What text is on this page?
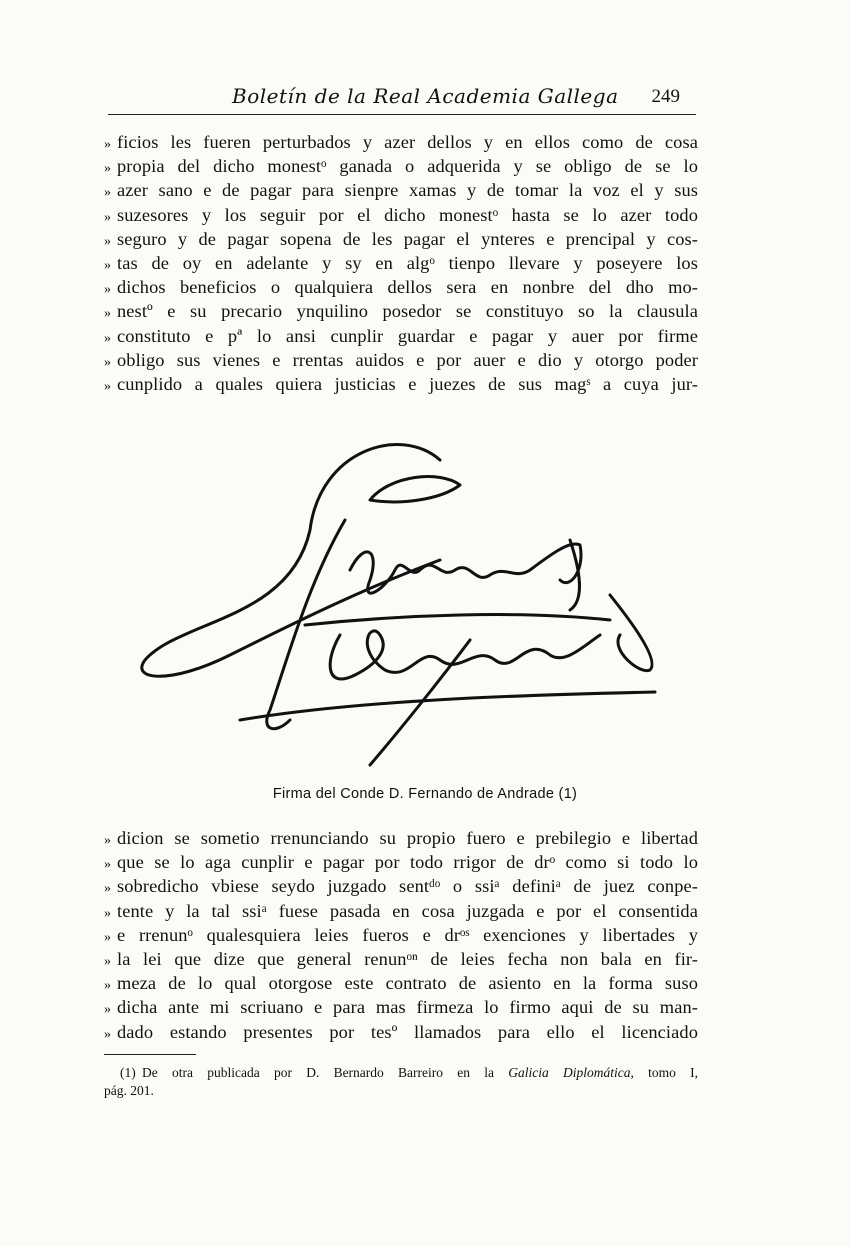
Boletín de la Real Academia Gallega 249
» ficios les fueren perturbados y azer dellos y en ellos como de cosa
» propia del dicho monestᵒ ganada o adquerida y se obligo de se lo
» azer sano e de pagar para sienpre xamas y de tomar la voz el y sus
» suzesores y los seguir por el dicho monestᵒ hasta se lo azer todo
» seguro y de pagar sopena de les pagar el ynteres e prencipal y cos-
» tas de oy en adelante y sy en algᵒ tienpo llevare y poseyere los
» dichos beneficios o qualquiera dellos sera en nonbre del dho mo-
» nestº e su precario ynquilino posedor se constituyo so la clausula
» constituto e pª lo ansi cunplir guardar e pagar y auer por firme
» obligo sus vienes e rrentas auidos e por auer e dio y otorgo poder
» cunplido a quales quiera justicias e juezes de sus magˢ a cuya jur-
Firma del Conde D. Fernando de Andrade (1)
» dicion se sometio rrenunciando su propio fuero e prebilegio e libertad
» que se lo aga cunplir e pagar por todo rrigor de drᵒ como si todo lo
» sobredicho vbiese seydo juzgado sentᵈᵒ o ssiᵃ definiᵃ de juez conpe-
» tente y la tal ssiᵃ fuese pasada en cosa juzgada e por el consentida
» e rrenunᵒ qualesquiera leies fueros e drᵒˢ exenciones y libertades y
» la lei que dize que general renunᵒⁿ de leies fecha non bala en fir-
» meza de lo qual otorgose este contrato de asiento en la forma suso
» dicha ante mi scriuano e para mas firmeza lo firmo aqui de su man-
» dado estando presentes por tesº llamados para ello el licenciado
(1) De otra publicada por D. Bernardo Barreiro en la Galicia Diplomática, tomo I,
pág. 201.
